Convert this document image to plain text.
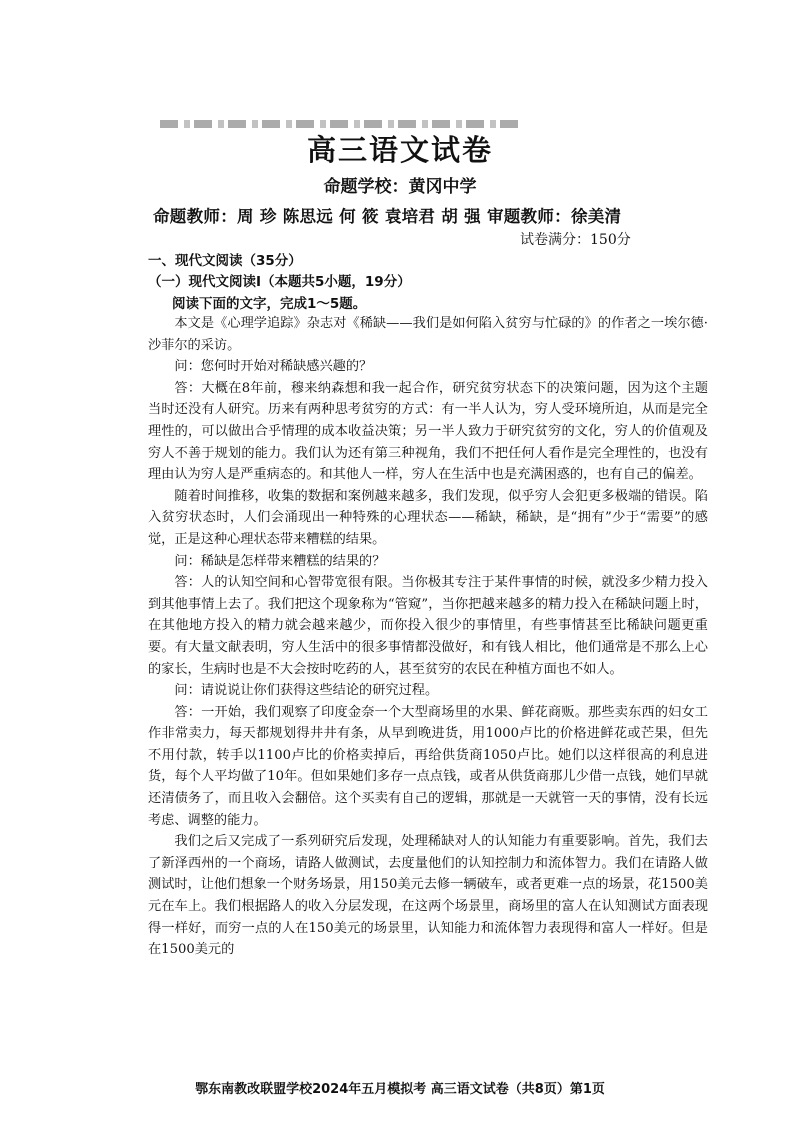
高三语文试卷
命题学校：黄冈中学
命题教师：周 珍 陈思远 何 筱 袁培君 胡 强 审题教师：徐美清
试卷满分：150分
一、现代文阅读（35分）
（一）现代文阅读Ⅰ（本题共5小题，19分）
阅读下面的文字，完成1～5题。

本文是《心理学追踪》杂志对《稀缺——我们是如何陷入贫穷与忙碌的》的作者之一埃尔德·沙菲尔的采访。

问：您何时开始对稀缺感兴趣的？

答：大概在8年前，穆来纳森想和我一起合作，研究贫穷状态下的决策问题，因为这个主题当时还没有人研究。历来有两种思考贫穷的方式：有一半人认为，穷人受环境所迫，从而是完全理性的，可以做出合乎情理的成本收益决策；另一半人致力于研究贫穷的文化，穷人的价值观及穷人不善于规划的能力。我们认为还有第三种视角，我们不把任何人看作是完全理性的，也没有理由认为穷人是严重病态的。和其他人一样，穷人在生活中也是充满困惑的，也有自己的偏差。

随着时间推移，收集的数据和案例越来越多，我们发现，似乎穷人会犯更多极端的错误。陷入贫穷状态时，人们会涌现出一种特殊的心理状态——稀缺，稀缺，是“拥有”少于“需要”的感觉，正是这种心理状态带来糟糕的结果。

问：稀缺是怎样带来糟糕的结果的？

答：人的认知空间和心智带宽很有限。当你极其专注于某件事情的时候，就没多少精力投入到其他事情上去了。我们把这个现象称为“管窥”，当你把越来越多的精力投入在稀缺问题上时，在其他地方投入的精力就会越来越少，而你投入很少的事情里，有些事情甚至比稀缺问题更重要。有大量文献表明，穷人生活中的很多事情都没做好，和有钱人相比，他们通常是不那么上心的家长，生病时也是不大会按时吃药的人，甚至贫穷的农民在种植方面也不如人。

问：请说说让你们获得这些结论的研究过程。

答：一开始，我们观察了印度金奈一个大型商场里的水果、鲜花商贩。那些卖东西的妇女工作非常卖力，每天都规划得井井有条，从早到晚进货，用1000卢比的价格进鲜花或芒果，但先不用付款，转手以1100卢比的价格卖掉后，再给供货商1050卢比。她们以这样很高的利息进货，每个人平均做了10年。但如果她们多存一点点钱，或者从供货商那儿少借一点钱，她们早就还清债务了，而且收入会翻倍。这个买卖有自己的逻辑，那就是一天就管一天的事情，没有长远考虑、调整的能力。

我们之后又完成了一系列研究后发现，处理稀缺对人的认知能力有重要影响。首先，我们去了新泽西州的一个商场，请路人做测试，去度量他们的认知控制力和流体智力。我们在请路人做测试时，让他们想象一个财务场景，用150美元去修一辆破车，或者更难一点的场景，花1500美元在车上。我们根据路人的收入分层发现，在这两个场景里，商场里的富人在认知测试方面表现得一样好，而穷一点的人在150美元的场景里，认知能力和流体智力表现得和富人一样好。但是在1500美元的

鄂东南教改联盟学校2024年五月模拟考 高三语文试卷（共8页）第1页
